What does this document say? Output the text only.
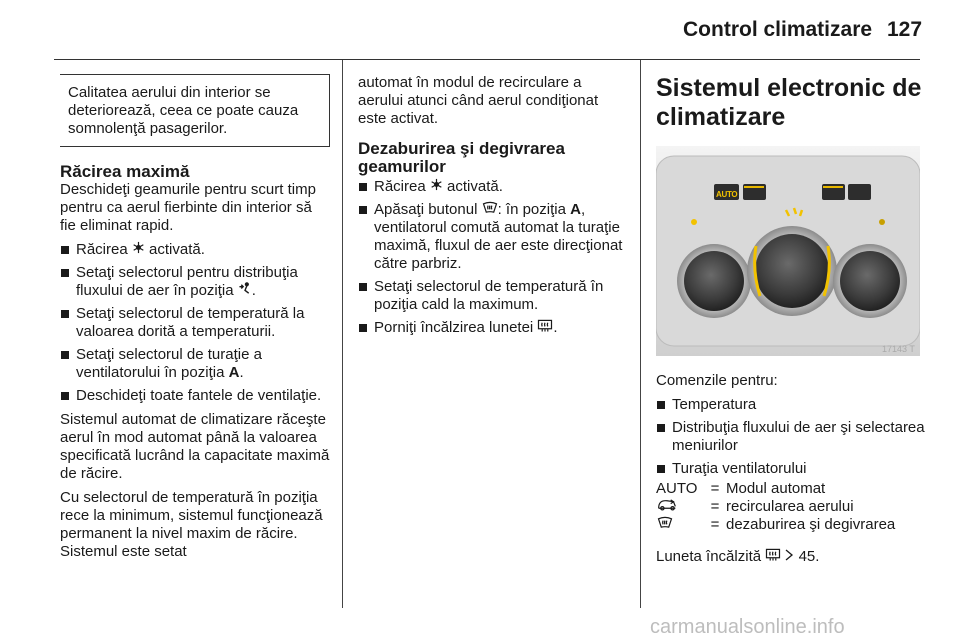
Control climatizare 127
Calitatea aerului din interior se deteriorează, ceea ce poate cauza somnolenţă pasagerilor.
Răcirea maximă

Deschideţi geamurile pentru scurt timp pentru ca aerul fierbinte din interior să fie eliminat rapid.

Răcirea  activată.
Setaţi selectorul pentru distribuţia fluxului de aer în poziţia .
Setaţi selectorul de temperatură la valoarea dorită a temperaturii.
Setaţi selectorul de turaţie a ventilatorului în poziţia A.
Deschideţi toate fantele de ventilaţie.

Sistemul automat de climatizare răceşte aerul în mod automat până la valoarea specificată lucrând la capacitate maximă de răcire.

Cu selectorul de temperatură în poziţia rece la minimum, sistemul funcţionează permanent la nivel maxim de răcire. Sistemul este setat

automat în modul de recirculare a aerului atunci când aerul condiţionat este activat.

Dezaburirea şi degivrarea geamurilor
Răcirea  activată.
Apăsaţi butonul : în poziţia A, ventilatorul comută automat la turaţie maximă, fluxul de aer este direcţionat către parbriz.
Setaţi selectorul de temperatură în poziţia cald la maximum.
Porniţi încălzirea lunetei .
Sistemul electronic de climatizare
AUTO
17143 T

Comenzile pentru:

Temperatura
Distribuţia fluxului de aer şi selectarea meniurilor
Turaţia ventilatorului
AUTO	=	Modul automat
	=	recircularea aerului
	=	dezaburirea şi degivrarea

Luneta încălzită   45.

carmanualsonline.info
